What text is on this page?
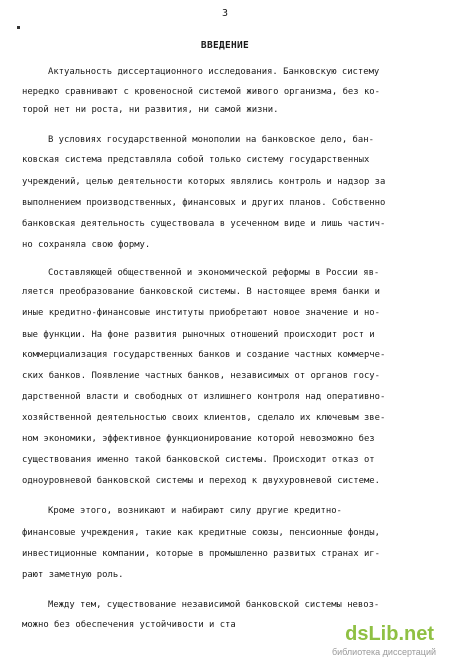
3
ВВЕДЕНИЕ
Актуальность диссертационного исследования. Банковскую систему
нередко сравнивают с кровеносной системой живого организма, без ко-
торой нет ни роста, ни развития, ни самой жизни.
В условиях государственной монополии на банковское дело, бан-
ковская система представляла собой только систему государственных
учреждений, целью деятельности которых являлись контроль и надзор за
выполнением производственных, финансовых и других планов. Собственно
банковская деятельность существовала в усеченном виде и лишь частич-
но сохраняла свою форму.
Составляющей общественной и экономической реформы в России яв-
ляется преобразование банковской системы. В настоящее время банки и
иные кредитно-финансовые институты приобретают новое значение и но-
вые функции. На фоне развития рыночных отношений происходит рост и
коммерциализация государственных банков и создание частных коммерче-
ских банков. Появление частных банков, независимых от органов госу-
дарственной власти и свободных от излишнего контроля над оперативно-
хозяйственной деятельностью своих клиентов, сделало их ключевым зве-
ном экономики, эффективное функционирование которой невозможно без
существования именно такой банковской системы. Происходит отказ от
одноуровневой банковской системы и переход к двухуровневой системе.
Кроме этого, возникают и набирают силу другие кредитно-
финансовые учреждения, такие как кредитные союзы, пенсионные фонды,
инвестиционные компании, которые в промышленно развитых странах иг-
рают заметную роль.
Между тем, существование независимой банковской системы невоз-
можно без обеспечения устойчивости и ста	dsLib.net
библиотека диссертаций
